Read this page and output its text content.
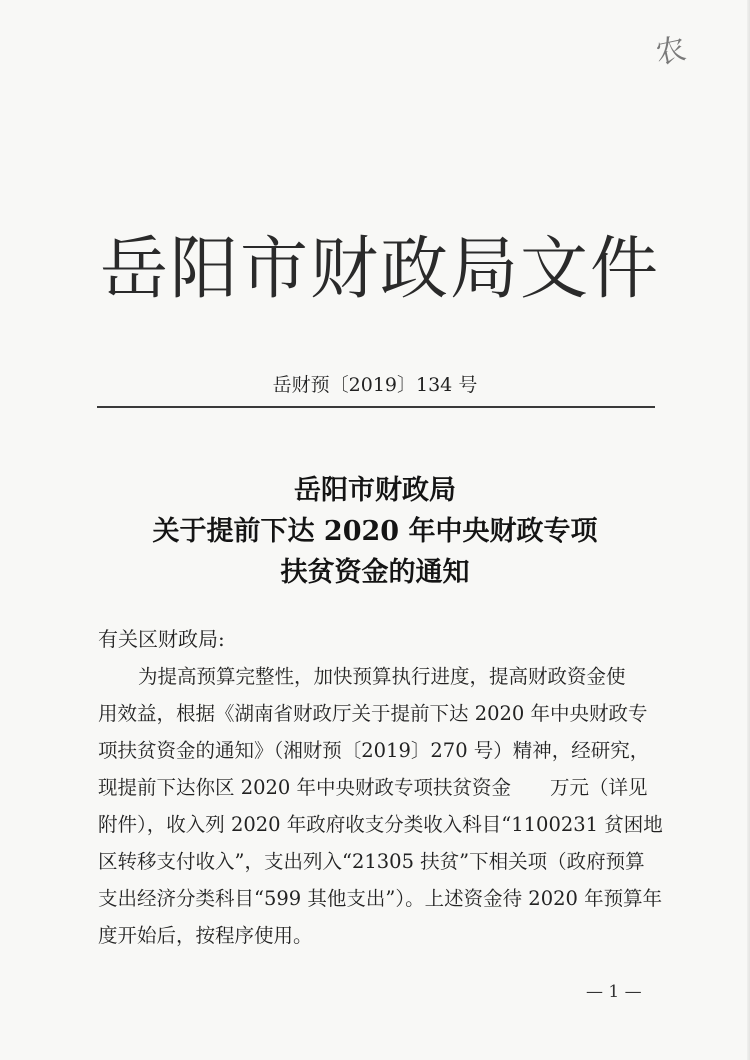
农
岳阳市财政局文件
岳财预〔2019〕134 号
岳阳市财政局
关于提前下达 2020 年中央财政专项
扶贫资金的通知
有关区财政局:
为提高预算完整性，加快预算执行进度，提高财政资金使
用效益，根据《湖南省财政厅关于提前下达 2020 年中央财政专
项扶贫资金的通知》（湘财预〔2019〕270 号）精神，经研究，
现提前下达你区 2020 年中央财政专项扶贫资金　　万元（详见
附件），收入列 2020 年政府收支分类收入科目“1100231 贫困地
区转移支付收入”，支出列入“21305 扶贫”下相关项（政府预算
支出经济分类科目“599 其他支出”）。上述资金待 2020 年预算年
度开始后，按程序使用。
— 1 —
